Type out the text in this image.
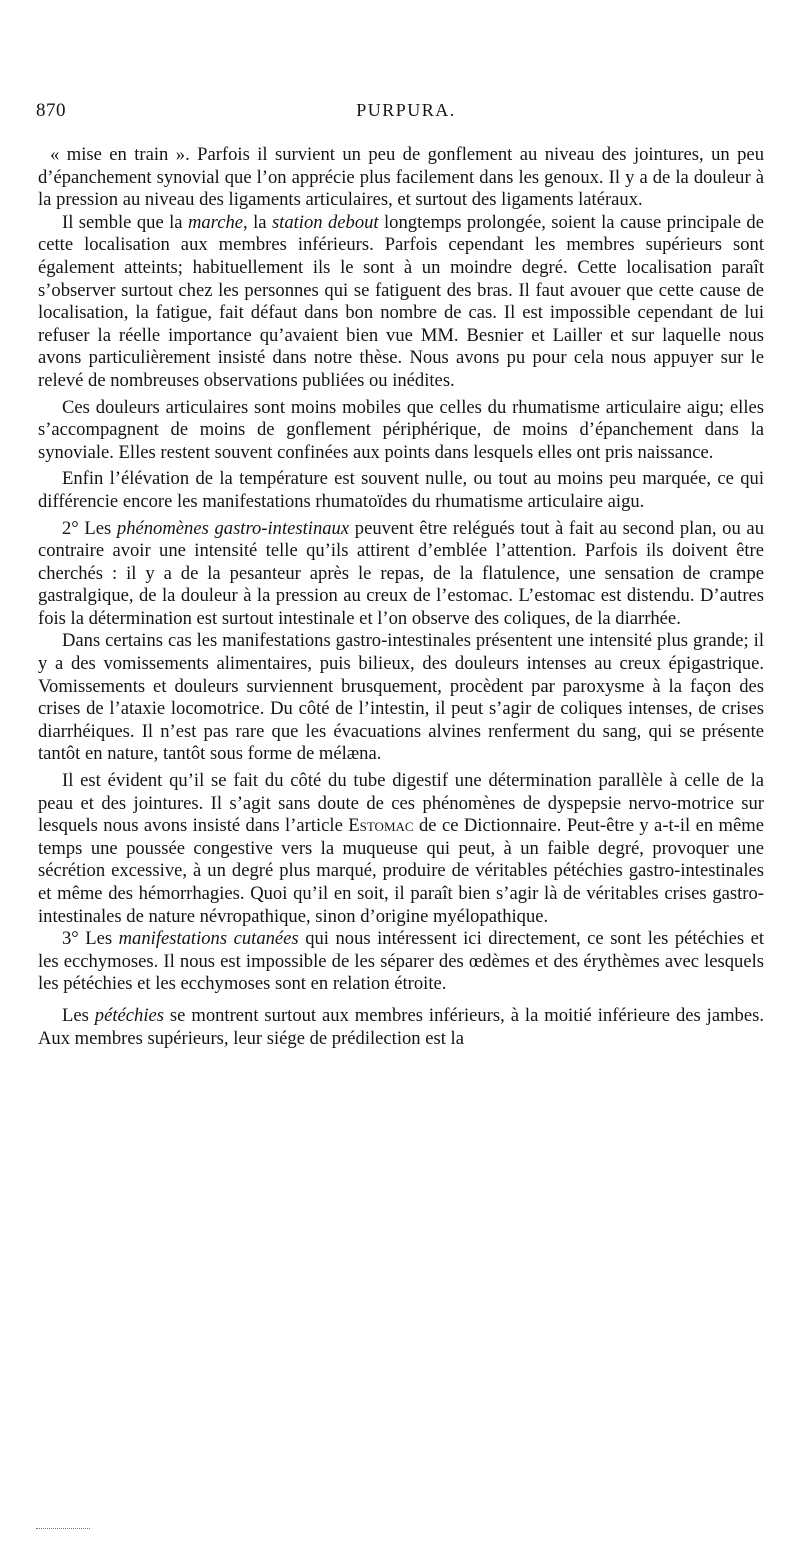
870	PURPURA.

« mise en train ». Parfois il survient un peu de gonflement au niveau des jointures, un peu d’épanchement synovial que l’on apprécie plus facilement dans les genoux. Il y a de la douleur à la pression au niveau des ligaments articulaires, et surtout des ligaments latéraux.

Il semble que la marche, la station debout longtemps prolongée, soient la cause principale de cette localisation aux membres inférieurs. Parfois cependant les membres supérieurs sont également atteints; habituellement ils le sont à un moindre degré. Cette localisation paraît s’observer surtout chez les personnes qui se fatiguent des bras. Il faut avouer que cette cause de localisation, la fatigue, fait défaut dans bon nombre de cas. Il est impossible cependant de lui refuser la réelle importance qu’avaient bien vue MM. Besnier et Lailler et sur laquelle nous avons particulièrement insisté dans notre thèse. Nous avons pu pour cela nous appuyer sur le relevé de nombreuses observations publiées ou inédites.

Ces douleurs articulaires sont moins mobiles que celles du rhumatisme articulaire aigu; elles s’accompagnent de moins de gonflement périphérique, de moins d’épanchement dans la synoviale. Elles restent souvent confinées aux points dans lesquels elles ont pris naissance.

Enfin l’élévation de la température est souvent nulle, ou tout au moins peu marquée, ce qui différencie encore les manifestations rhumatoïdes du rhumatisme articulaire aigu.

2° Les phénomènes gastro-intestinaux peuvent être relégués tout à fait au second plan, ou au contraire avoir une intensité telle qu’ils attirent d’emblée l’attention. Parfois ils doivent être cherchés : il y a de la pesanteur après le repas, de la flatulence, une sensation de crampe gastralgique, de la douleur à la pression au creux de l’estomac. L’estomac est distendu. D’autres fois la détermination est surtout intestinale et l’on observe des coliques, de la diarrhée.

Dans certains cas les manifestations gastro-intestinales présentent une intensité plus grande; il y a des vomissements alimentaires, puis bilieux, des douleurs intenses au creux épigastrique. Vomissements et douleurs surviennent brusquement, procèdent par paroxysme à la façon des crises de l’ataxie locomotrice. Du côté de l’intestin, il peut s’agir de coliques intenses, de crises diarrhéiques. Il n’est pas rare que les évacuations alvines renferment du sang, qui se présente tantôt en nature, tantôt sous forme de mélæna.

Il est évident qu’il se fait du côté du tube digestif une détermination parallèle à celle de la peau et des jointures. Il s’agit sans doute de ces phénomènes de dyspepsie nervo-motrice sur lesquels nous avons insisté dans l’article Estomac de ce Dictionnaire. Peut-être y a-t-il en même temps une poussée congestive vers la muqueuse qui peut, à un faible degré, provoquer une sécrétion excessive, à un degré plus marqué, produire de véritables pétéchies gastro-intestinales et même des hémorrhagies. Quoi qu’il en soit, il paraît bien s’agir là de véritables crises gastro-intestinales de nature névropathique, sinon d’origine myélopathique.

3° Les manifestations cutanées qui nous intéressent ici directement, ce sont les pétéchies et les ecchymoses. Il nous est impossible de les séparer des œdèmes et des érythèmes avec lesquels les pétéchies et les ecchymoses sont en relation étroite.

Les pétéchies se montrent surtout aux membres inférieurs, à la moitié inférieure des jambes. Aux membres supérieurs, leur siége de prédilection est la
